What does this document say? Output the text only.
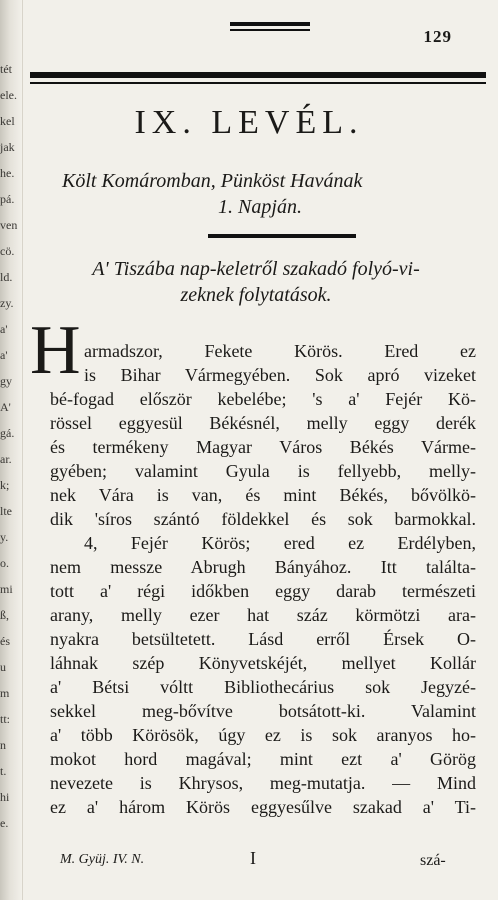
tét
ele.
kel
jak
he.
pá.
ven
cö.
ld.
zy.
a'
a'
gy
A'
gá.
ar.
k;
lte
y.
o.
mi
ß,
és
u
m
tt:
n
t.
hi
e.
129
IX. LEVÉL.
Költ Komáromban, Pünköst Havának
1. Napján.
A' Tiszába nap-keletről szakadó folyó-vi-
zeknek folytatások.
H armadszor, Fekete Körös. Ered ez
is Bihar Vármegyében. Sok apró vizeket
bé-fogad először kebelébe; 's a' Fejér Kö-
rössel eggyesül Békésnél, melly eggy derék
és termékeny Magyar Város Békés Várme-
gyében; valamint Gyula is fellyebb, melly-
nek Vára is van, és mint Békés, bővölkö-
dik 'síros szántó földekkel és sok barmokkal.
4, Fejér Körös; ered ez Erdélyben,
nem messze Abrugh Bányához. Itt találta-
tott a' régi időkben eggy darab természeti
arany, melly ezer hat száz körmötzi ara-
nyakra betsültetett. Lásd erről Érsek O-
láhnak szép Könyvetskéjét, mellyet Kollár
a' Bétsi vóltt Bibliothecárius sok Jegyzé-
sekkel meg-bővítve botsátott-ki. Valamint
a' több Körösök, úgy ez is sok aranyos ho-
mokot hord magával; mint ezt a' Görög
nevezete is Khrysos, meg-mutatja. — Mind
ez a' három Körös eggyesűlve szakad a' Ti-
M. Gyüj. IV. N.	I	szá-
